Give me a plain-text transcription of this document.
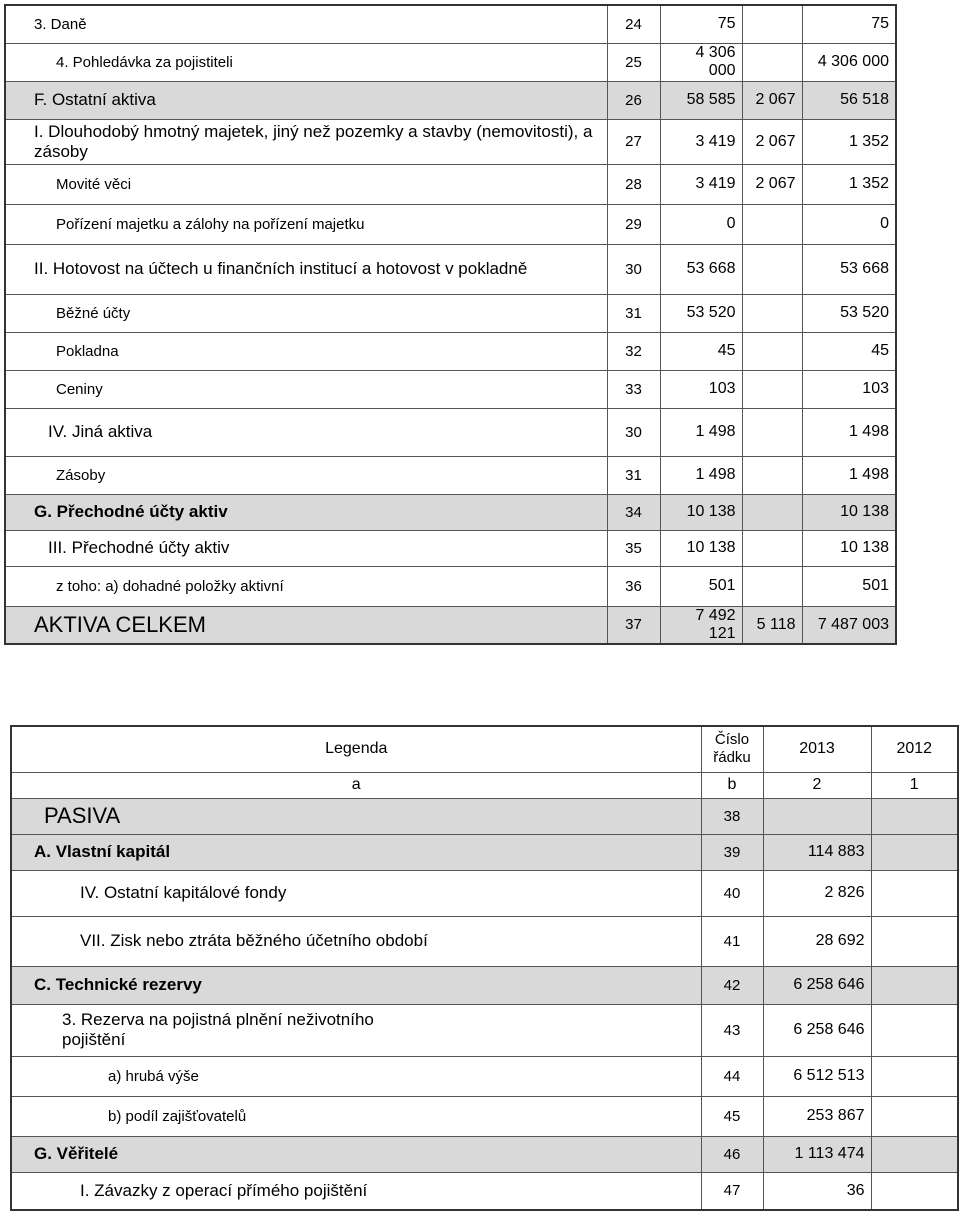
3. Daně	24	75		75
4. Pohledávka za pojistiteli	25	4 306 000		4 306 000
F. Ostatní aktiva	26	58 585	2 067	56 518
I. Dlouhodobý hmotný majetek, jiný než pozemky a stavby (nemovitosti), a zásoby	27	3 419	2 067	1 352
Movité věci	28	3 419	2 067	1 352
Pořízení majetku a zálohy na pořízení majetku	29	0		0
II. Hotovost na účtech u finančních institucí a hotovost v pokladně	30	53 668		53 668
Běžné účty	31	53 520		53 520
Pokladna	32	45		45
Ceniny	33	103		103
IV. Jiná aktiva	30	1 498		1 498
Zásoby	31	1 498		1 498
G. Přechodné účty aktiv	34	10 138		10 138
III. Přechodné účty aktiv	35	10 138		10 138
z toho: a) dohadné položky aktivní	36	501		501
AKTIVA CELKEM	37	7 492 121	5 118	7 487 003
Legenda	Číslo řádku	2013	2012
a	b	2	1
PASIVA	38		
A. Vlastní kapitál	39	114 883	
IV. Ostatní kapitálové fondy	40	2 826	
VII. Zisk nebo ztráta běžného účetního období	41	28 692	
C. Technické rezervy	42	6 258 646	

3. Rezerva na pojistná plnění neživotního pojištění	43	6 258 646	
a) hrubá výše	44	6 512 513	
b) podíl zajišťovatelů	45	253 867	
G. Věřitelé	46	1 113 474	
I. Závazky z operací přímého pojištění	47	36	
